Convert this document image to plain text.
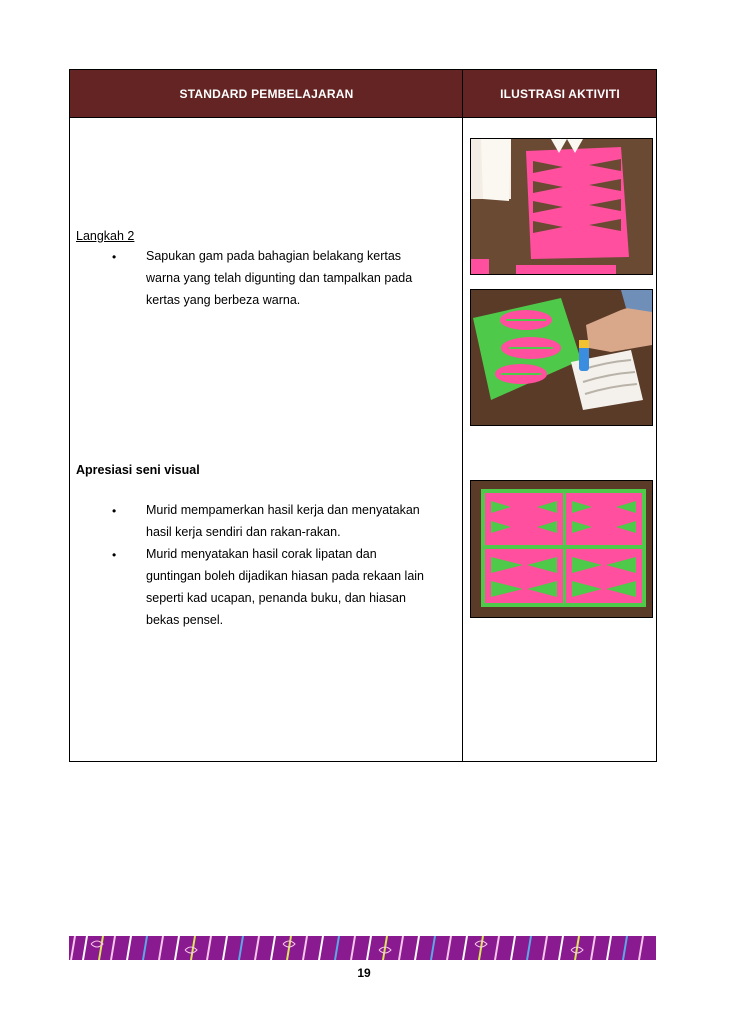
STANDARD PEMBELAJARAN	ILUSTRASI AKTIVITI
Langkah 2
• Sapukan gam pada bahagian belakang kertas
warna yang telah digunting dan tampalkan pada
kertas yang berbeza warna.
Apresiasi seni visual
• Murid mempamerkan hasil kerja dan menyatakan
hasil kerja sendiri dan rakan-rakan.
• Murid menyatakan hasil corak lipatan dan
guntingan boleh dijadikan hiasan pada rekaan lain
seperti kad ucapan, penanda buku, dan hiasan
bekas pensel.
19
